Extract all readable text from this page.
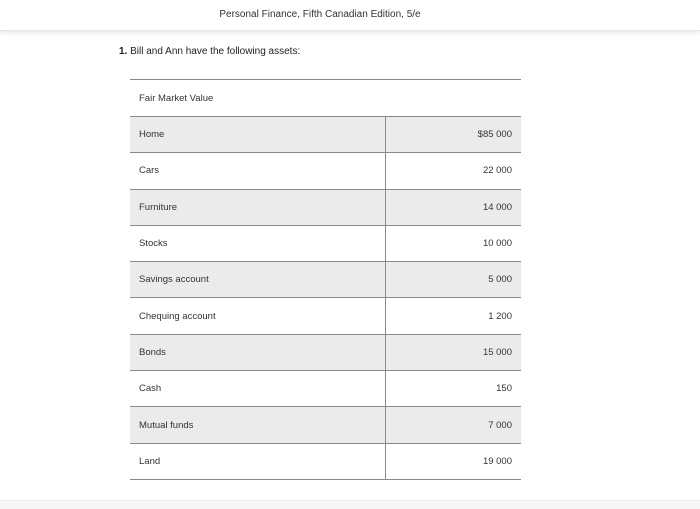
Personal Finance, Fifth Canadian Edition, 5/e
1. Bill and Ann have the following assets:
Fair Market Value
Home	$85 000
Cars	22 000
Furniture	14 000
Stocks	10 000
Savings account	5 000
Chequing account	1 200
Bonds	15 000
Cash	150
Mutual funds	7 000
Land	19 000
